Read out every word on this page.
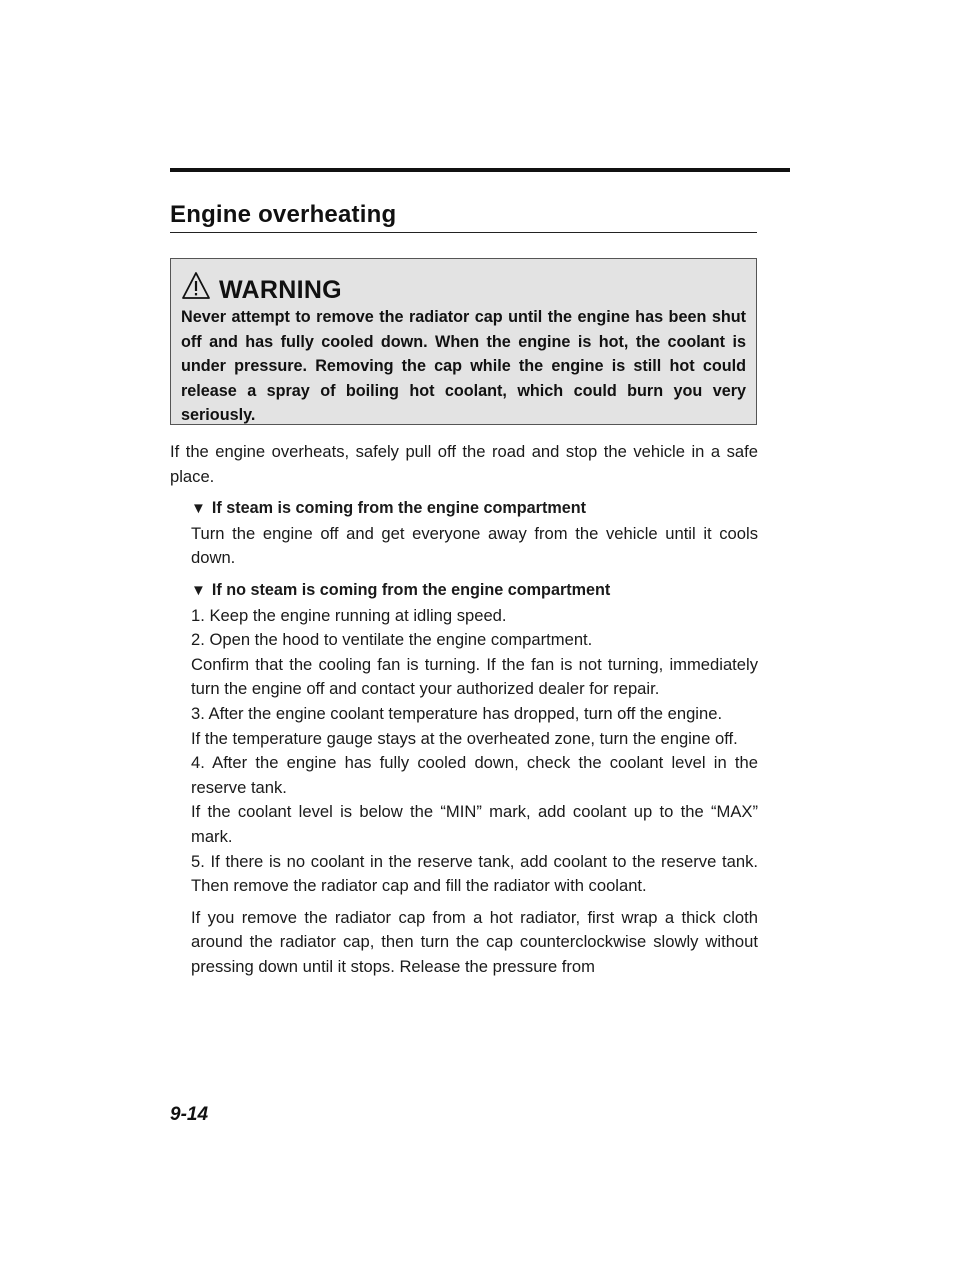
Engine overheating
WARNING

Never attempt to remove the radiator cap until the engine has been shut off and has fully cooled down. When the engine is hot, the coolant is under pressure. Removing the cap while the engine is still hot could release a spray of boiling hot coolant, which could burn you very seriously.

If the engine overheats, safely pull off the road and stop the vehicle in a safe place.

▼ If steam is coming from the engine compartment

Turn the engine off and get everyone away from the vehicle until it cools down.

▼ If no steam is coming from the engine compartment

1. Keep the engine running at idling speed.

2. Open the hood to ventilate the engine compartment.

Confirm that the cooling fan is turning. If the fan is not turning, immediately turn the engine off and contact your authorized dealer for repair.

3. After the engine coolant temperature has dropped, turn off the engine.

If the temperature gauge stays at the overheated zone, turn the engine off.

4. After the engine has fully cooled down, check the coolant level in the reserve tank.

If the coolant level is below the “MIN” mark, add coolant up to the “MAX” mark.

5. If there is no coolant in the reserve tank, add coolant to the reserve tank. Then remove the radiator cap and fill the radiator with coolant.

If you remove the radiator cap from a hot radiator, first wrap a thick cloth around the radiator cap, then turn the cap counterclockwise slowly without pressing down until it stops. Release the pressure from

9-14
